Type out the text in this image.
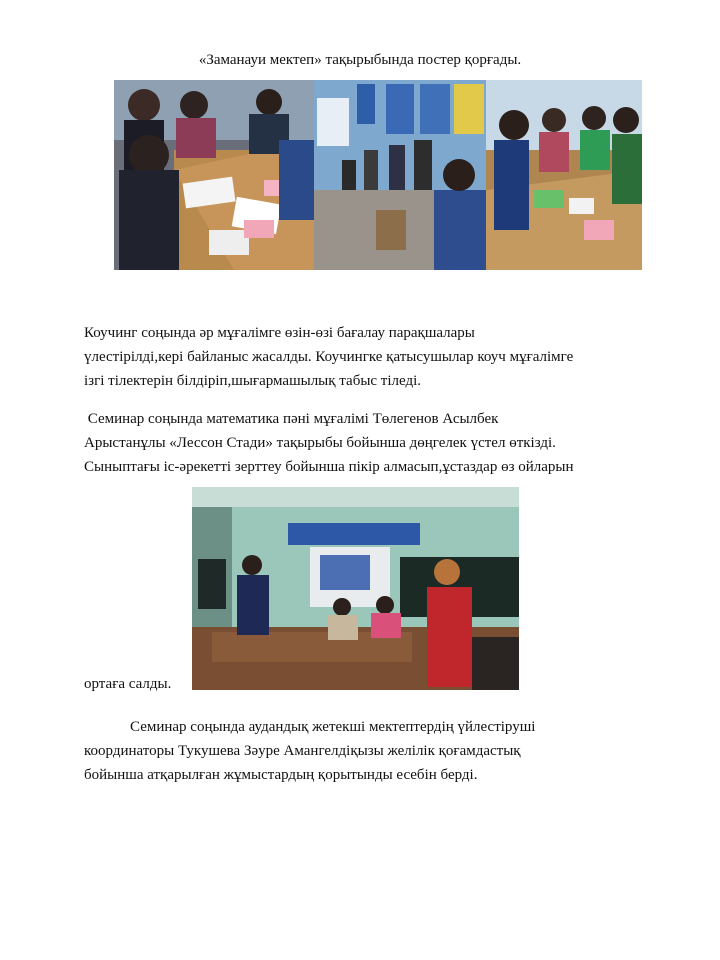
«Заманауи мектеп» тақырыбында постер қорғады.
Коучинг соңында әр мұғалімге өзін-өзі бағалау парақшалары
үлестірілді,кері байланыс жасалды. Коучингке қатысушылар коуч мұғалімге
ізгі тілектерін білдіріп,шығармашылық табыс тіледі.
Семинар соңында математика пәні мұғалімі Төлегенов Асылбек
Арыстанұлы «Лессон Стади» тақырыбы бойынша дөңгелек үстел өткізді.
Сыныптағы іс-әрекетті зерттеу бойынша пікір алмасып,ұстаздар өз ойларын
ортаға салды.
Семинар соңында аудандық жетекші мектептердің үйлестіруші
координаторы Тукушева Зәуре Амангелдіқызы желілік қоғамдастық
бойынша атқарылған жұмыстардың қорытынды есебін берді.
